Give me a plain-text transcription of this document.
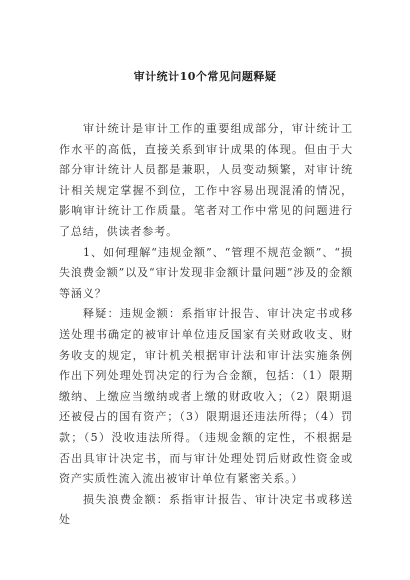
审计统计10个常见问题释疑

审计统计是审计工作的重要组成部分，审计统计工作水平的高低，直接关系到审计成果的体现。但由于大部分审计统计人员都是兼职，人员变动频繁，对审计统计相关规定掌握不到位，工作中容易出现混淆的情况，影响审计统计工作质量。笔者对工作中常见的问题进行了总结，供读者参考。

1、如何理解“违规金额”、“管理不规范金额”、“损失浪费金额”以及“审计发现非金额计量问题”涉及的金额等涵义？

释疑：违规金额：系指审计报告、审计决定书或移送处理书确定的被审计单位违反国家有关财政收支、财务收支的规定，审计机关根据审计法和审计法实施条例作出下列处理处罚决定的行为合金额，包括：（1）限期缴纳、上缴应当缴纳或者上缴的财政收入；（2）限期退还被侵占的国有资产；（3）限期退还违法所得；（4）罚款；（5）没收违法所得。（违规金额的定性，不根据是否出具审计决定书，而与审计处理处罚后财政性资金或资产实质性流入流出被审计单位有紧密关系。）

损失浪费金额：系指审计报告、审计决定书或移送处
